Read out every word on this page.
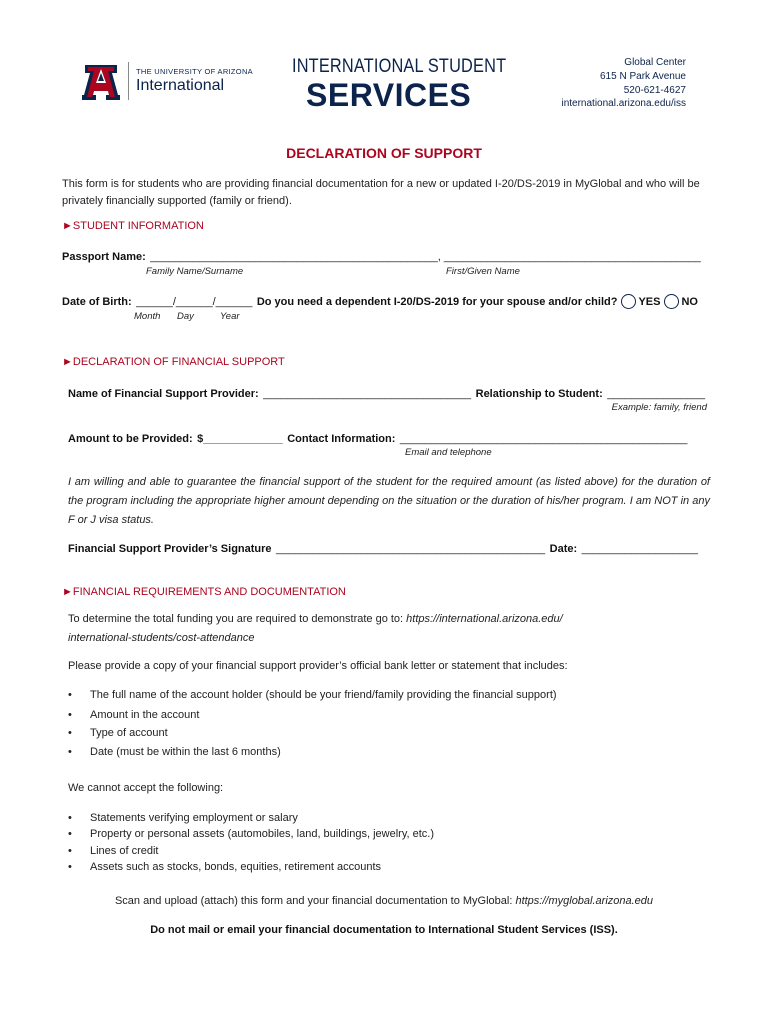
THE UNIVERSITY OF ARIZONA
International
INTERNATIONAL STUDENT
SERVICES
Global Center
615 N Park Avenue
520-621-4627
international.arizona.edu/iss
DECLARATION OF SUPPORT
This form is for students who are providing financial documentation for a new or updated I-20/DS-2019 in MyGlobal and who will be privately financially supported (family or friend).
►STUDENT INFORMATION
Passport Name: _______________________________________________, __________________________________________
Family Name/Surname	First/Given Name
Date of Birth: ______/______/______ Do you need a dependent I-20/DS-2019 for your spouse and/or child? YES NO
Month Day	Year
►DECLARATION OF FINANCIAL SUPPORT
Name of Financial Support Provider: __________________________________ Relationship to Student: ________________
Example: family, friend
Amount to be Provided: $_____________ Contact Information: _______________________________________________
Email and telephone
I am willing and able to guarantee the financial support of the student for the required amount (as listed above) for the duration of the program including the appropriate higher amount depending on the situation or the duration of his/her program. I am NOT in any F or J visa status.
Financial Support Provider’s Signature ____________________________________________ Date: ___________________
►FINANCIAL REQUIREMENTS AND DOCUMENTATION
To determine the total funding you are required to demonstrate go to: https://international.arizona.edu/
international-students/cost-attendance
Please provide a copy of your financial support provider’s official bank letter or statement that includes:
• The full name of the account holder (should be your friend/family providing the financial support)
• Amount in the account
• Type of account
• Date (must be within the last 6 months)
We cannot accept the following:
• Statements verifying employment or salary
• Property or personal assets (automobiles, land, buildings, jewelry, etc.)
• Lines of credit
• Assets such as stocks, bonds, equities, retirement accounts
Scan and upload (attach) this form and your financial documentation to MyGlobal: https://myglobal.arizona.edu
Do not mail or email your financial documentation to International Student Services (ISS).
